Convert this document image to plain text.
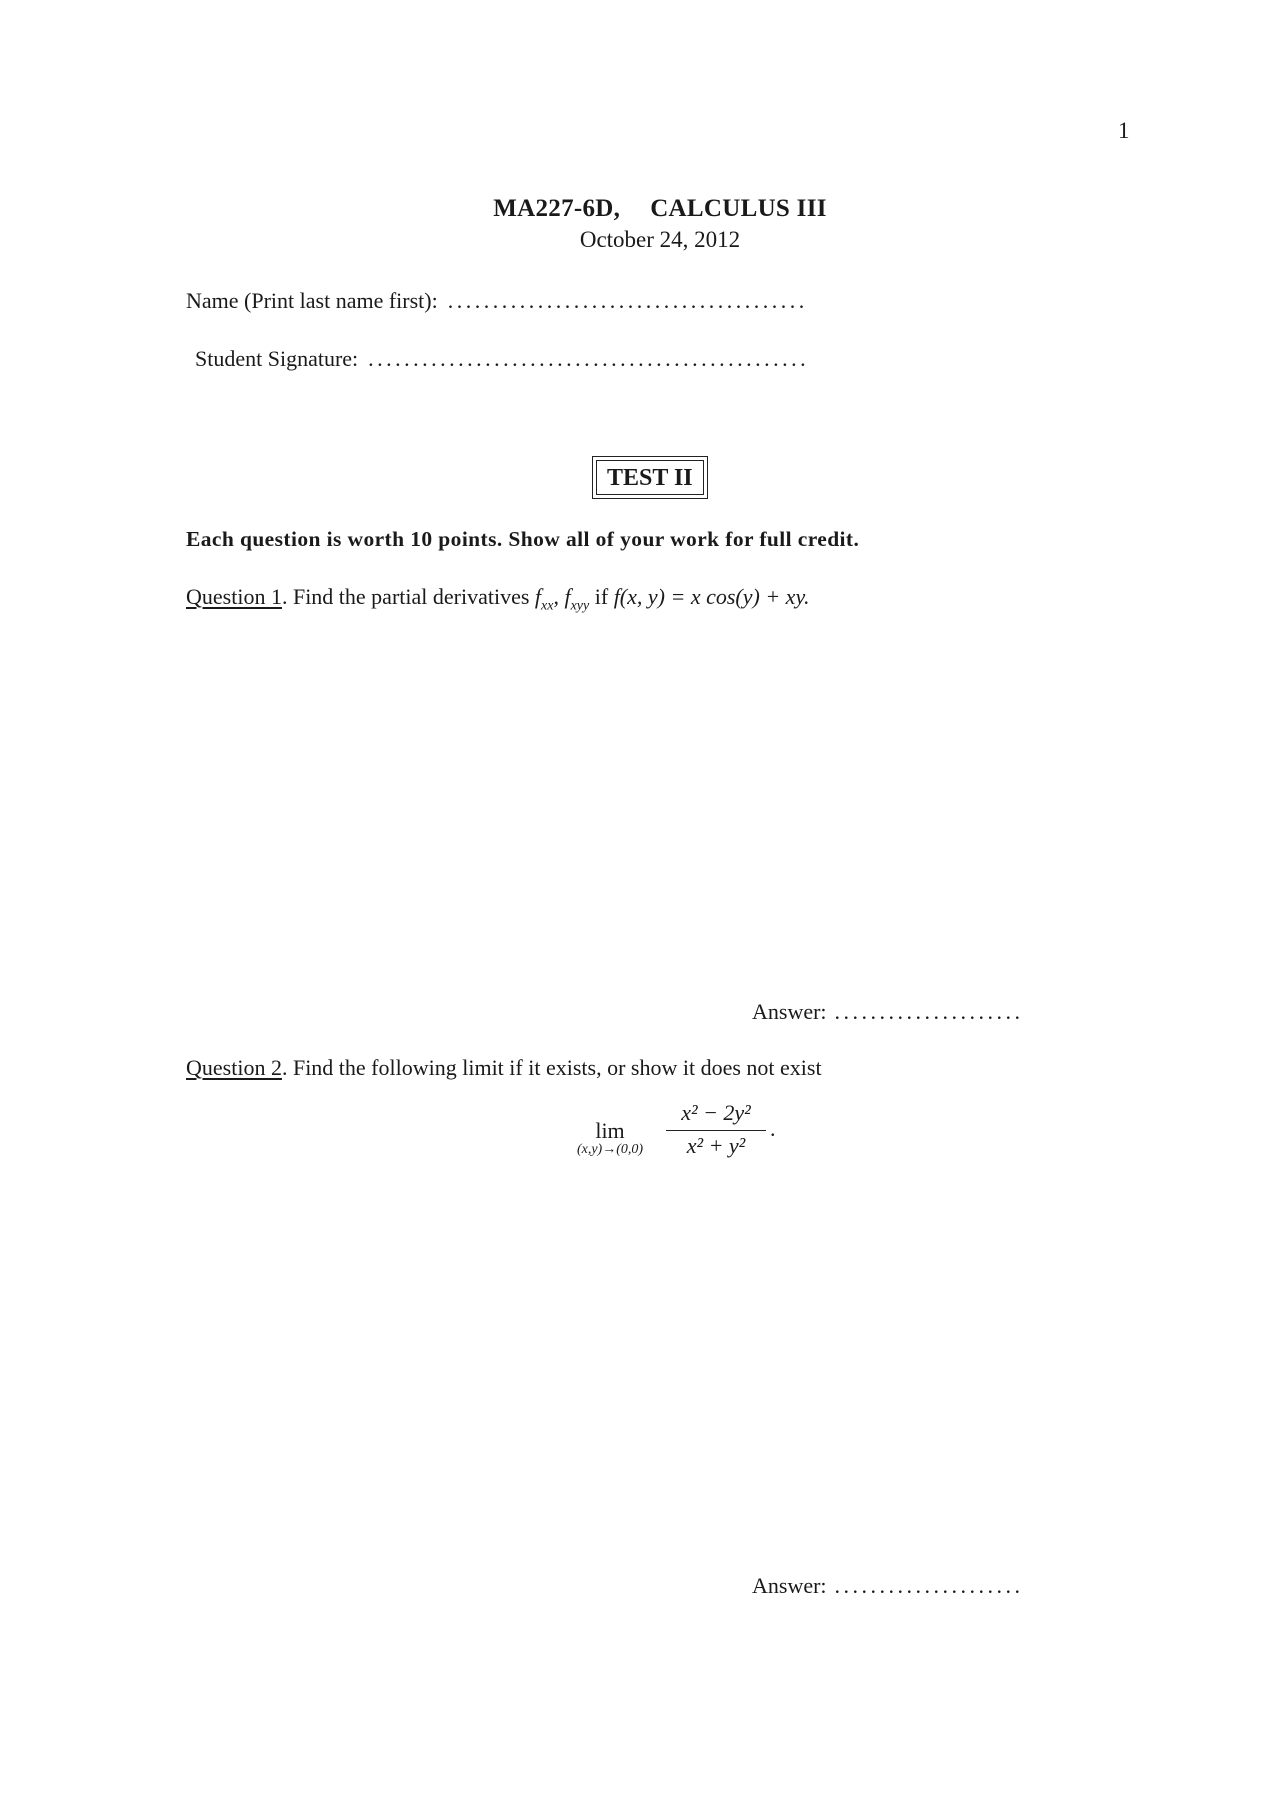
1
MA227-6D, CALCULUS III
October 24, 2012
Name (Print last name first): ........................................
Student Signature: .................................................
TEST II
Each question is worth 10 points. Show all of your work for full credit.
Question 1. Find the partial derivatives $f_{xx}$, $f_{xyy}$ if f(x, y) = x cos(y) + xy.
Answer: .....................
Question 2. Find the following limit if it exists, or show it does not exist
lim
(x,y)→(0,0)	$\frac{\text{x² − 2y²}}{\text{x² + y²}}$ .
Answer: .....................
